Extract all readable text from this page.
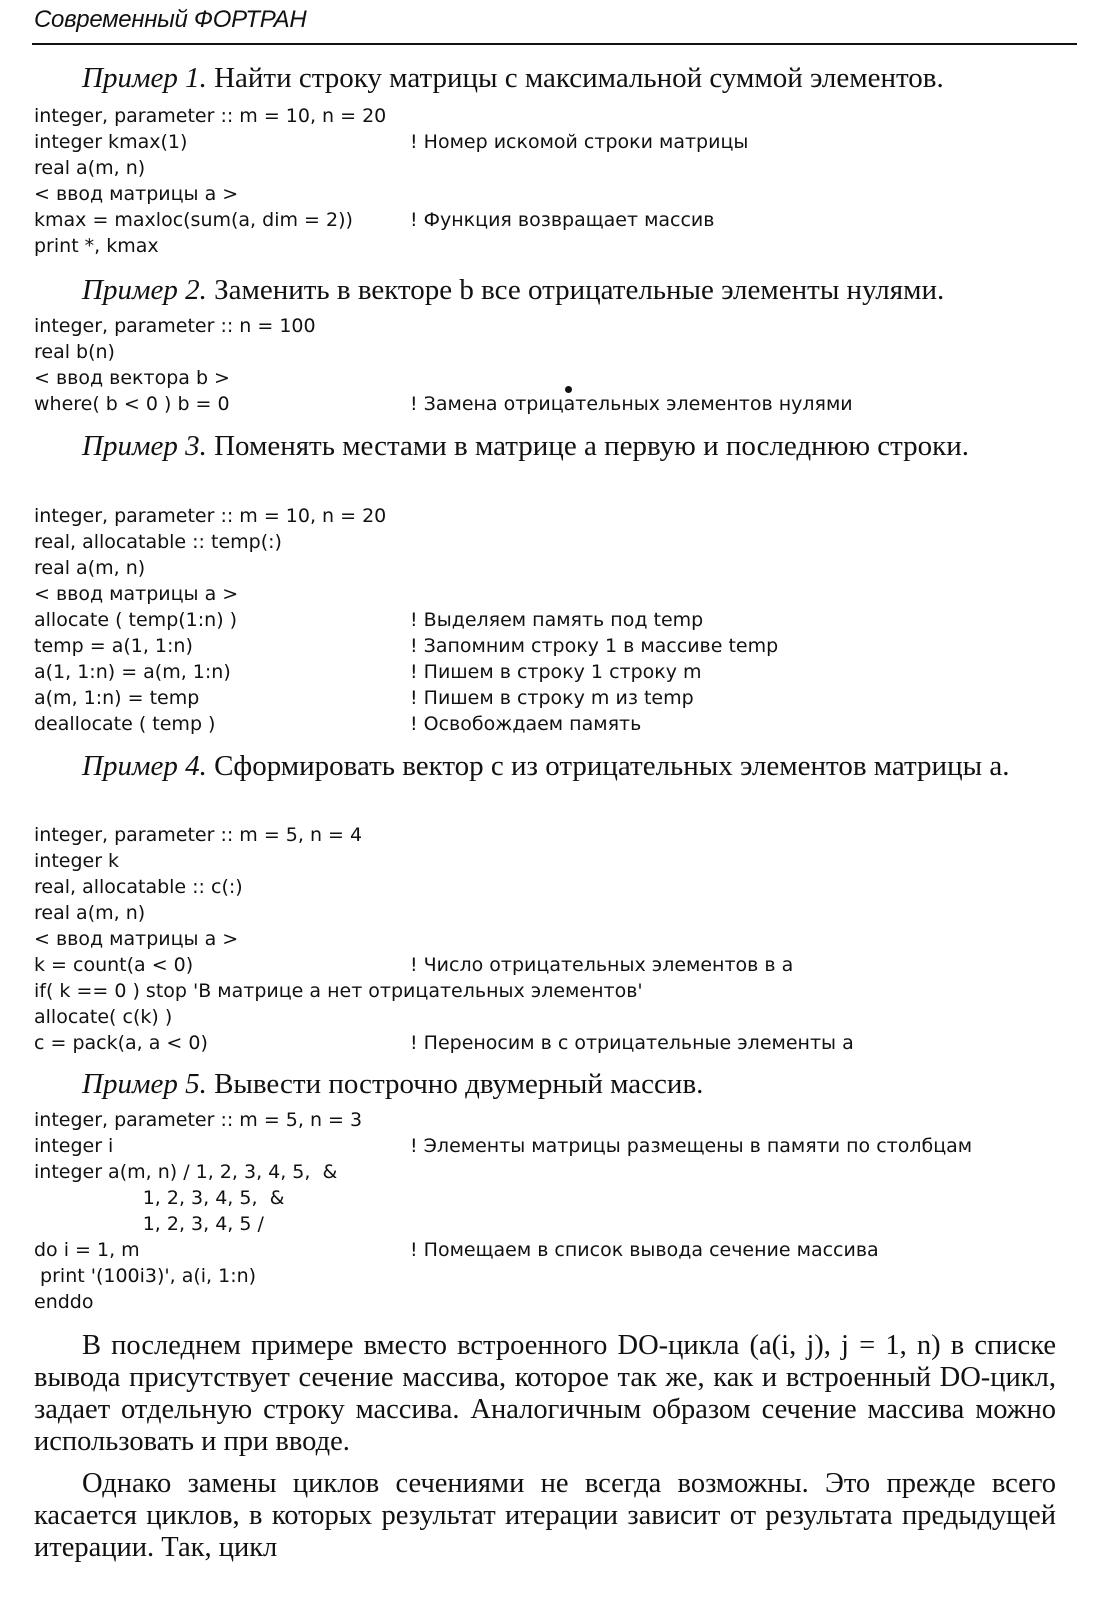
Современный ФОРТРАН
Пример 1. Найти строку матрицы с максимальной суммой элементов.
integer, parameter :: m = 10, n = 20
integer kmax(1)	! Номер искомой строки матрицы
real a(m, n)
< ввод матрицы a >
kmax = maxloc(sum(a, dim = 2))	! Функция возвращает массив
print *, kmax
Пример 2. Заменить в векторе b все отрицательные элементы нулями.
integer, parameter :: n = 100
real b(n)
< ввод вектора b >
where( b < 0 ) b = 0	! Замена отрицательных элементов нулями
Пример 3. Поменять местами в матрице a первую и последнюю строки.
integer, parameter :: m = 10, n = 20
real, allocatable :: temp(:)
real a(m, n)
< ввод матрицы a >
allocate ( temp(1:n) )	! Выделяем память под temp
temp = a(1, 1:n)	! Запомним строку 1 в массиве temp
a(1, 1:n) = a(m, 1:n)	! Пишем в строку 1 строку m
a(m, 1:n) = temp	! Пишем в строку m из temp
deallocate ( temp )	! Освобождаем память
Пример 4. Сформировать вектор c из отрицательных элементов матрицы a.
integer, parameter :: m = 5, n = 4
integer k
real, allocatable :: c(:)
real a(m, n)
< ввод матрицы a >
k = count(a < 0)	! Число отрицательных элементов в a
if( k == 0 ) stop 'В матрице a нет отрицательных элементов'
allocate( c(k) )
c = pack(a, a < 0)	! Переносим в c отрицательные элементы a
Пример 5. Вывести построчно двумерный массив.
integer, parameter :: m = 5, n = 3
integer i	! Элементы матрицы размещены в памяти по столбцам
integer a(m, n) / 1, 2, 3, 4, 5,  &
1, 2, 3, 4, 5,  &
1, 2, 3, 4, 5 /
do i = 1, m	! Помещаем в список вывода сечение массива
print '(100i3)', a(i, 1:n)
enddo
В последнем примере вместо встроенного DO-цикла (a(i, j), j = 1, n) в списке вывода присутствует сечение массива, которое так же, как и встроенный DO-цикл, задает отдельную строку массива. Аналогичным образом сечение массива можно использовать и при вводе.
Однако замены циклов сечениями не всегда возможны. Это прежде всего касается циклов, в которых результат итерации зависит от результата предыдущей итерации. Так, цикл
